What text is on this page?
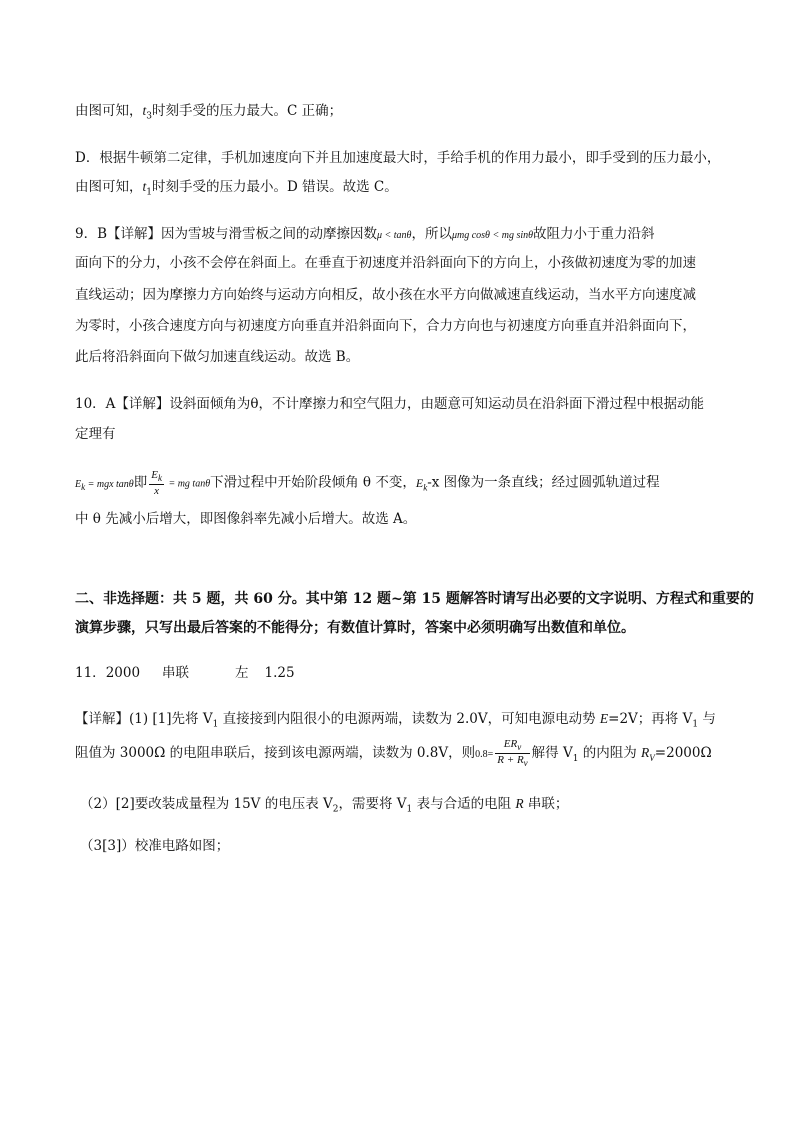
由图可知，$t_3$时刻手受的压力最大。C 正确；
D．根据牛顿第二定律，手机加速度向下并且加速度最大时，手给手机的作用力最小，即手受到的压力最小，
由图可知，$t_1$时刻手受的压力最小。D 错误。故选 C。
9．B【详解】因为雪坡与滑雪板之间的动摩擦因数μ < tanθ，所以μmg cosθ < mg sinθ故阻力小于重力沿斜
面向下的分力，小孩不会停在斜面上。在垂直于初速度并沿斜面向下的方向上，小孩做初速度为零的加速
直线运动；因为摩擦力方向始终与运动方向相反，故小孩在水平方向做减速直线运动，当水平方向速度减
为零时，小孩合速度方向与初速度方向垂直并沿斜面向下，合力方向也与初速度方向垂直并沿斜面向下，
此后将沿斜面向下做匀加速直线运动。故选 B。
10．A【详解】设斜面倾角为θ，不计摩擦力和空气阻力，由题意可知运动员在沿斜面下滑过程中根据动能
定理有
$E_k$ = mgx tanθ即 $\frac{E_k}{x}$ = mg tanθ下滑过程中开始阶段倾角 θ 不变，$E_k-x$ 图像为一条直线；经过圆弧轨道过程
中 θ 先减小后增大，即图像斜率先减小后增大。故选 A。
二、非选择题：共 5 题，共 60 分。其中第 12 题~第 15 题解答时请写出必要的文字说明、方程式和重要的
演算步骤，只写出最后答案的不能得分；有数值计算时，答案中必须明确写出数值和单位。
11．2000 串联	左 1.25
【详解】(1) [1]先将 $V_1$ 直接接到内阻很小的电源两端，读数为 2.0V，可知电源电动势 E=2V；再将 $V_1$ 与
阻值为 3000Ω 的电阻串联后，接到该电源两端，读数为 0.8V，则$0.8= \frac{ER_v}{R + R_v}$ 解得 $V_1$ 的内阻为 $R_V=2000\Omega$
（2）[2]要改装成量程为 15V 的电压表 $V_2$，需要将 $V_1$ 表与合适的电阻 R 串联；
（3[3]）校准电路如图；
